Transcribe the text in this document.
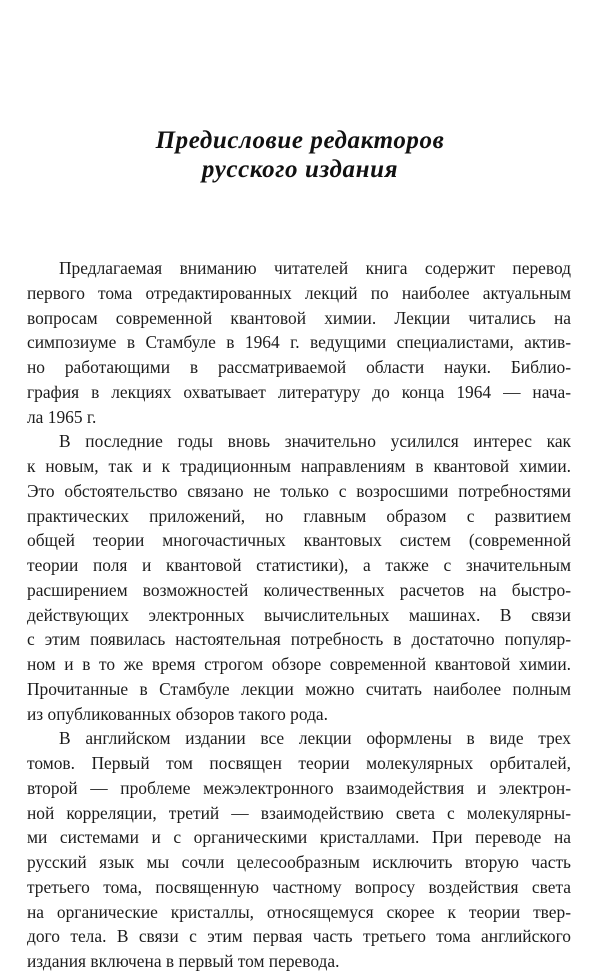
Предисловие редакторов
русского издания
Предлагаемая вниманию читателей книга содержит перевод
первого тома отредактированных лекций по наиболее актуальным
вопросам современной квантовой химии. Лекции читались на
симпозиуме в Стамбуле в 1964 г. ведущими специалистами, актив-
но работающими в рассматриваемой области науки. Библио-
графия в лекциях охватывает литературу до конца 1964 — нача-
ла 1965 г.
В последние годы вновь значительно усилился интерес как
к новым, так и к традиционным направлениям в квантовой химии.
Это обстоятельство связано не только с возросшими потребностями
практических приложений, но главным образом с развитием
общей теории многочастичных квантовых систем (современной
теории поля и квантовой статистики), а также с значительным
расширением возможностей количественных расчетов на быстро-
действующих электронных вычислительных машинах. В связи
с этим появилась настоятельная потребность в достаточно популяр-
ном и в то же время строгом обзоре современной квантовой химии.
Прочитанные в Стамбуле лекции можно считать наиболее полным
из опубликованных обзоров такого рода.
В английском издании все лекции оформлены в виде трех
томов. Первый том посвящен теории молекулярных орбиталей,
второй — проблеме межэлектронного взаимодействия и электрон-
ной корреляции, третий — взаимодействию света с молекулярны-
ми системами и с органическими кристаллами. При переводе на
русский язык мы сочли целесообразным исключить вторую часть
третьего тома, посвященную частному вопросу воздействия света
на органические кристаллы, относящемуся скорее к теории твер-
дого тела. В связи с этим первая часть третьего тома английского
издания включена в первый том перевода.
